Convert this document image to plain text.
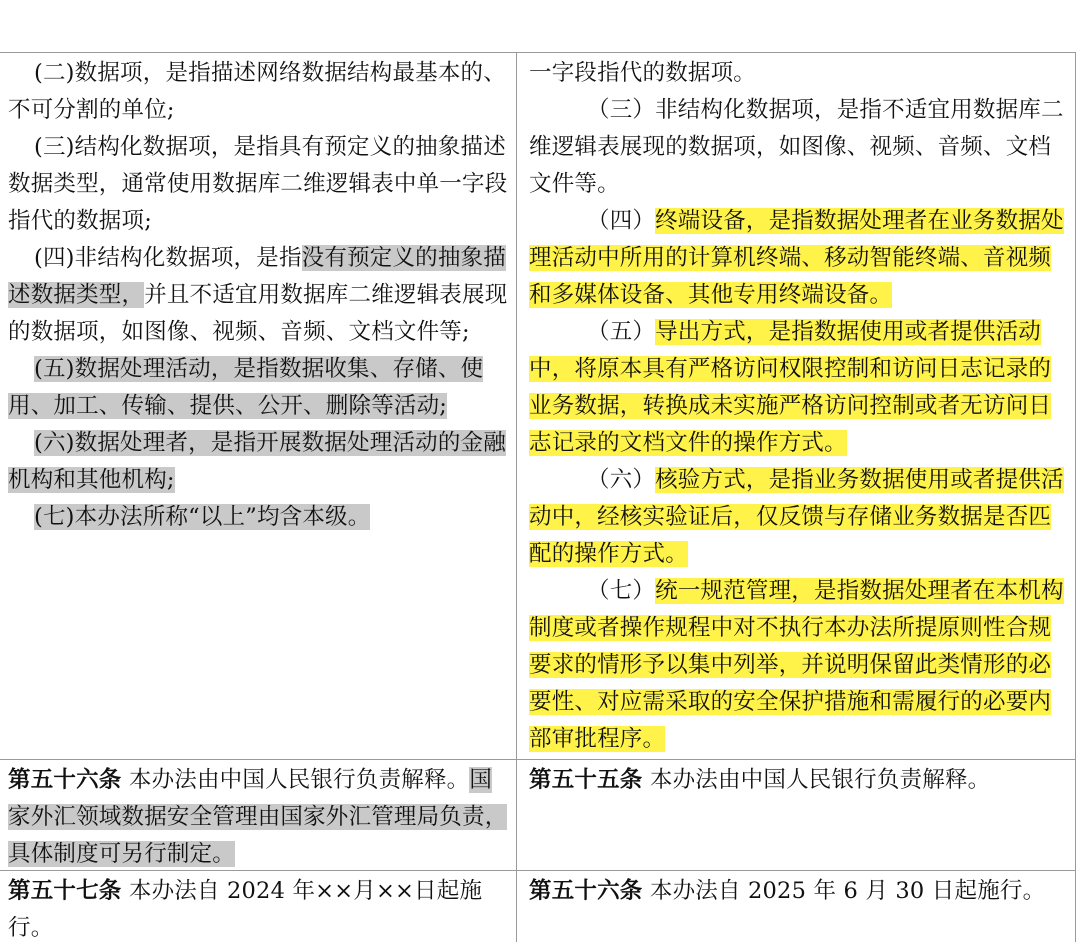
(二)数据项，是指描述网络数据结构最基本的、不可分割的单位;

(三)结构化数据项，是指具有预定义的抽象描述数据类型，通常使用数据库二维逻辑表中单一字段指代的数据项;

(四)非结构化数据项，是指没有预定义的抽象描述数据类型，并且不适宜用数据库二维逻辑表展现的数据项，如图像、视频、音频、文档文件等;

(五)数据处理活动，是指数据收集、存储、使用、加工、传输、提供、公开、删除等活动;

(六)数据处理者，是指开展数据处理活动的金融机构和其他机构;

(七)本办法所称“以上”均含本级。

一字段指代的数据项。

（三）非结构化数据项，是指不适宜用数据库二维逻辑表展现的数据项，如图像、视频、音频、文档文件等。

（四）终端设备，是指数据处理者在业务数据处理活动中所用的计算机终端、移动智能终端、音视频和多媒体设备、其他专用终端设备。

（五）导出方式，是指数据使用或者提供活动中，将原本具有严格访问权限控制和访问日志记录的业务数据，转换成未实施严格访问控制或者无访问日志记录的文档文件的操作方式。

（六）核验方式，是指业务数据使用或者提供活动中，经核实验证后，仅反馈与存储业务数据是否匹配的操作方式。

（七）统一规范管理，是指数据处理者在本机构制度或者操作规程中对不执行本办法所提原则性合规要求的情形予以集中列举，并说明保留此类情形的必要性、对应需采取的安全保护措施和需履行的必要内部审批程序。

第五十六条 本办法由中国人民银行负责解释。国家外汇领域数据安全管理由国家外汇管理局负责，具体制度可另行制定。

第五十五条 本办法由中国人民银行负责解释。

第五十七条 本办法自 2024 年××月××日起施行。

第五十六条 本办法自 2025 年 6 月 30 日起施行。
